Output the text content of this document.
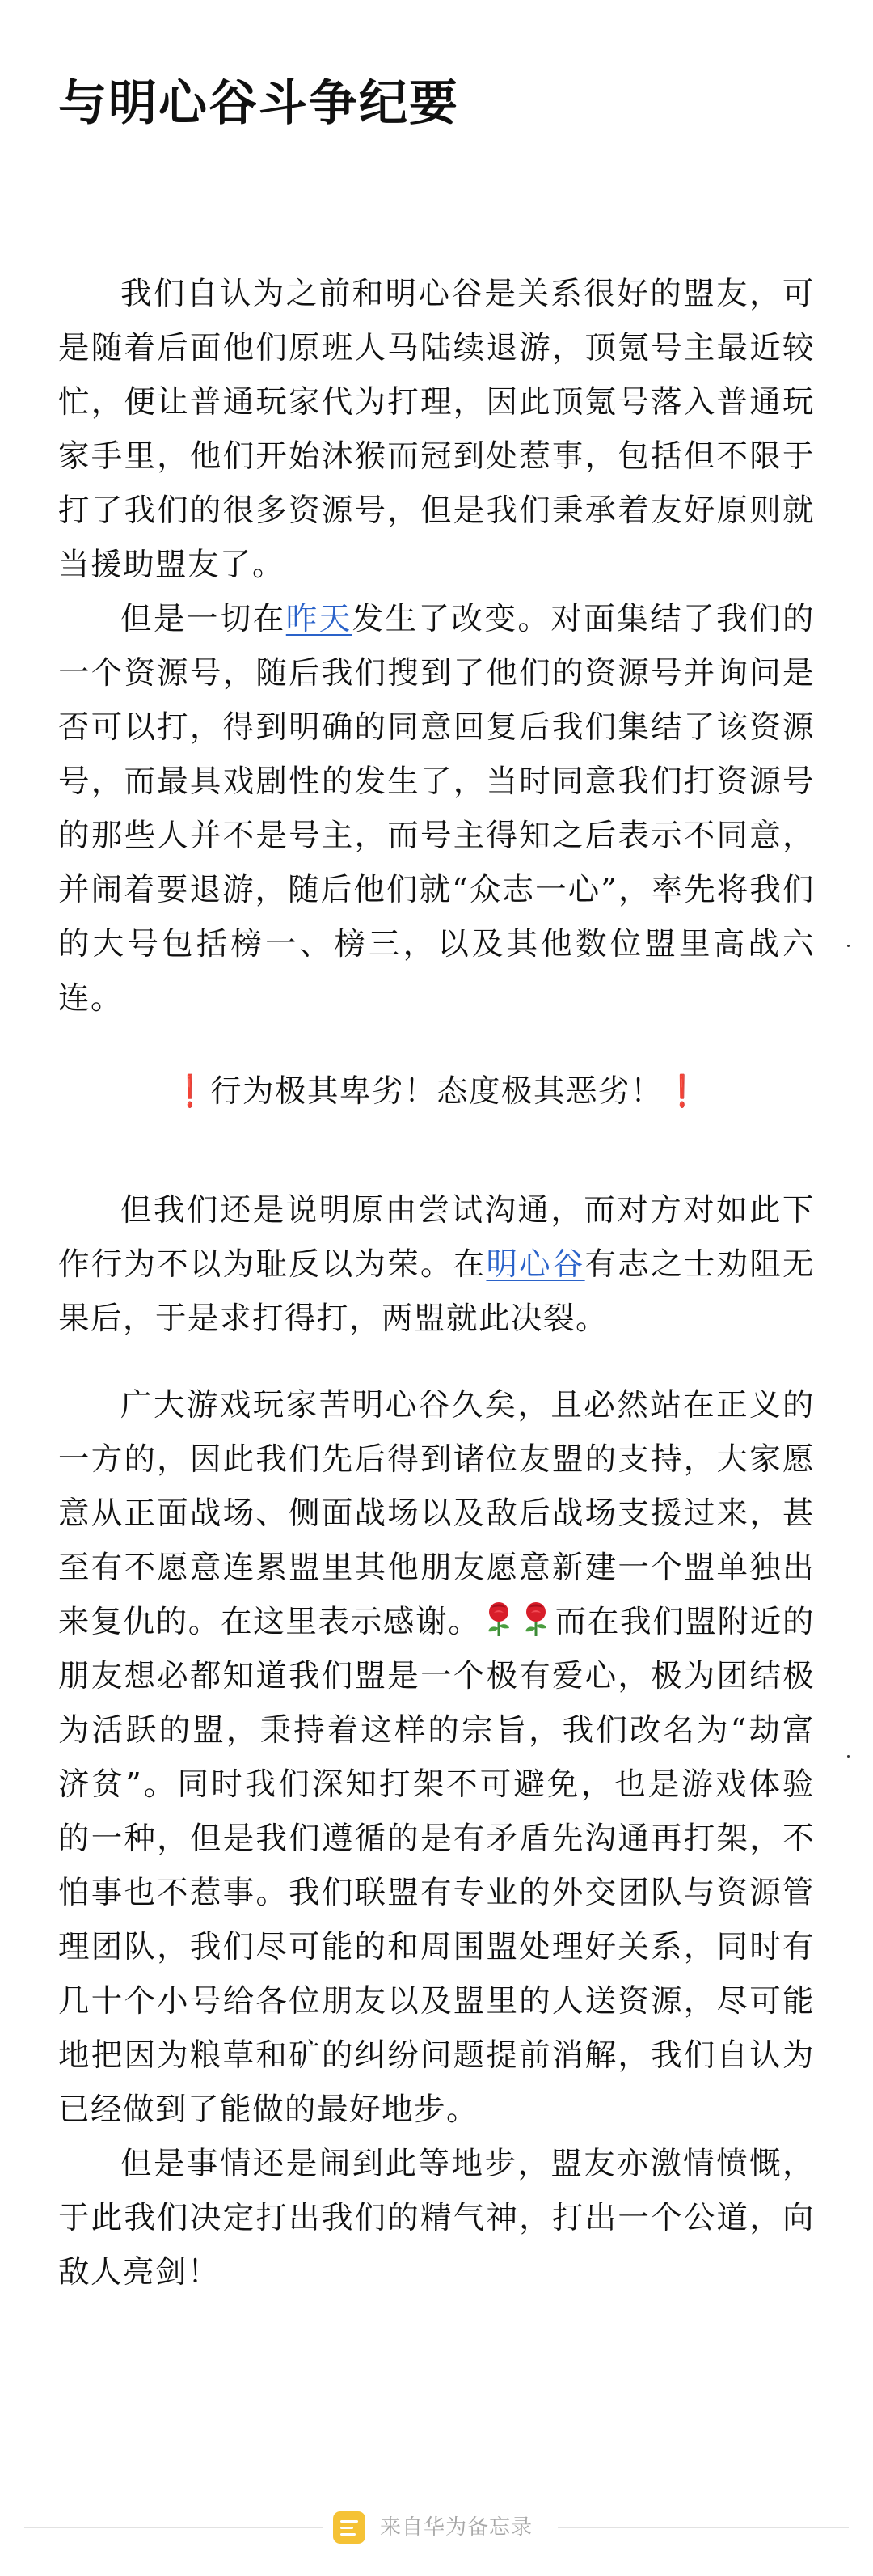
与明心谷斗争纪要

我们自认为之前和明心谷是关系很好的盟友，可是随着后面他们原班人马陆续退游，顶氪号主最近较忙，便让普通玩家代为打理，因此顶氪号落入普通玩家手里，他们开始沐猴而冠到处惹事，包括但不限于打了我们的很多资源号，但是我们秉承着友好原则就当援助盟友了。

但是一切在昨天发生了改变。对面集结了我们的一个资源号，随后我们搜到了他们的资源号并询问是否可以打，得到明确的同意回复后我们集结了该资源号，而最具戏剧性的发生了，当时同意我们打资源号的那些人并不是号主，而号主得知之后表示不同意，并闹着要退游，随后他们就“众志一心”，率先将我们的大号包括榜一、榜三，以及其他数位盟里高战六连。

❗ 行为极其卑劣！态度极其恶劣！ ❗

但我们还是说明原由尝试沟通，而对方对如此下作行为不以为耻反以为荣。在明心谷有志之士劝阻无果后，于是求打得打，两盟就此决裂。

广大游戏玩家苦明心谷久矣，且必然站在正义的一方的，因此我们先后得到诸位友盟的支持，大家愿意从正面战场、侧面战场以及敌后战场支援过来，甚至有不愿意连累盟里其他朋友愿意新建一个盟单独出来复仇的。在这里表示感谢。 而在我们盟附近的朋友想必都知道我们盟是一个极有爱心，极为团结极为活跃的盟，秉持着这样的宗旨，我们改名为“劫富济贫”。同时我们深知打架不可避免，也是游戏体验的一种，但是我们遵循的是有矛盾先沟通再打架，不怕事也不惹事。我们联盟有专业的外交团队与资源管理团队，我们尽可能的和周围盟处理好关系，同时有几十个小号给各位朋友以及盟里的人送资源，尽可能地把因为粮草和矿的纠纷问题提前消解，我们自认为已经做到了能做的最好地步。

但是事情还是闹到此等地步，盟友亦激情愤慨，于此我们决定打出我们的精气神，打出一个公道，向敌人亮剑！

来自华为备忘录
